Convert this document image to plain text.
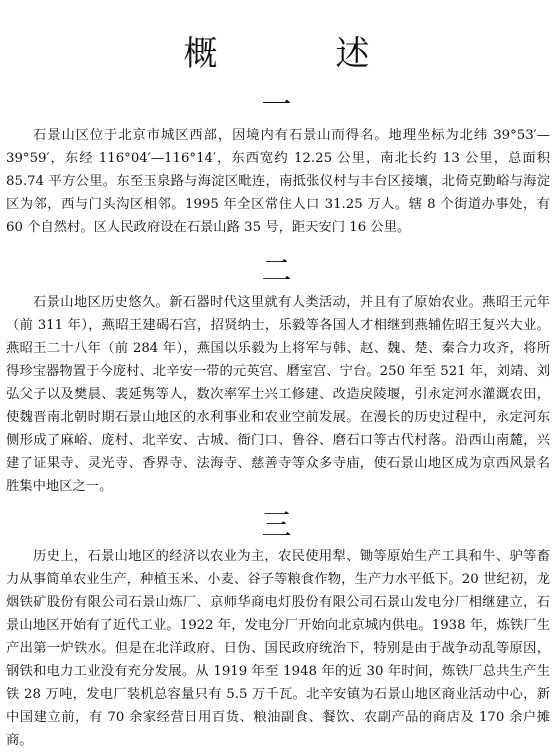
概　述
一

石景山区位于北京市城区西部，因境内有石景山而得名。地理坐标为北纬 39°53′—39°59′，东经 116°04′—116°14′，东西宽约 12.25 公里，南北长约 13 公里，总面积 85.74 平方公里。东至玉泉路与海淀区毗连，南抵张仪村与丰台区接壤，北倚克勤峪与海淀区为邻，西与门头沟区相邻。1995 年全区常住人口 31.25 万人。辖 8 个街道办事处，有 60 个自然村。区人民政府设在石景山路 35 号，距天安门 16 公里。

二

石景山地区历史悠久。新石器时代这里就有人类活动，并且有了原始农业。燕昭王元年（前 311 年），燕昭王建碣石宫，招贤纳士，乐毅等各国人才相继到燕辅佐昭王复兴大业。燕昭王二十八年（前 284 年），燕国以乐毅为上将军与韩、赵、魏、楚、秦合力攻齐，将所得珍宝器物置于今庞村、北辛安一带的元英宫、磿室宫、宁台。250 年至 521 年，刘靖、刘弘父子以及樊晨、裴延隽等人，数次率军士兴工修建、改造戾陵堰，引永定河水灌溉农田，使魏晋南北朝时期石景山地区的水利事业和农业空前发展。在漫长的历史过程中，永定河东侧形成了麻峪、庞村、北辛安、古城、衙门口、鲁谷、磨石口等古代村落。沿西山南麓，兴建了证果寺、灵光寺、香界寺、法海寺、慈善寺等众多寺庙，使石景山地区成为京西风景名胜集中地区之一。

三

历史上，石景山地区的经济以农业为主，农民使用犁、锄等原始生产工具和牛、驴等畜力从事简单农业生产，种植玉米、小麦、谷子等粮食作物，生产力水平低下。20 世纪初，龙烟铁矿股份有限公司石景山炼厂、京师华商电灯股份有限公司石景山发电分厂相继建立，石景山地区开始有了近代工业。1922 年，发电分厂开始向北京城内供电。1938 年，炼铁厂生产出第一炉铁水。但是在北洋政府、日伪、国民政府统治下，特别是由于战争动乱等原因，钢铁和电力工业没有充分发展。从 1919 年至 1948 年的近 30 年时间，炼铁厂总共生产生铁 28 万吨，发电厂装机总容量只有 5.5 万千瓦。北辛安镇为石景山地区商业活动中心，新中国建立前，有 70 余家经营日用百货、粮油副食、餐饮、农副产品的商店及 170 余户摊商。
